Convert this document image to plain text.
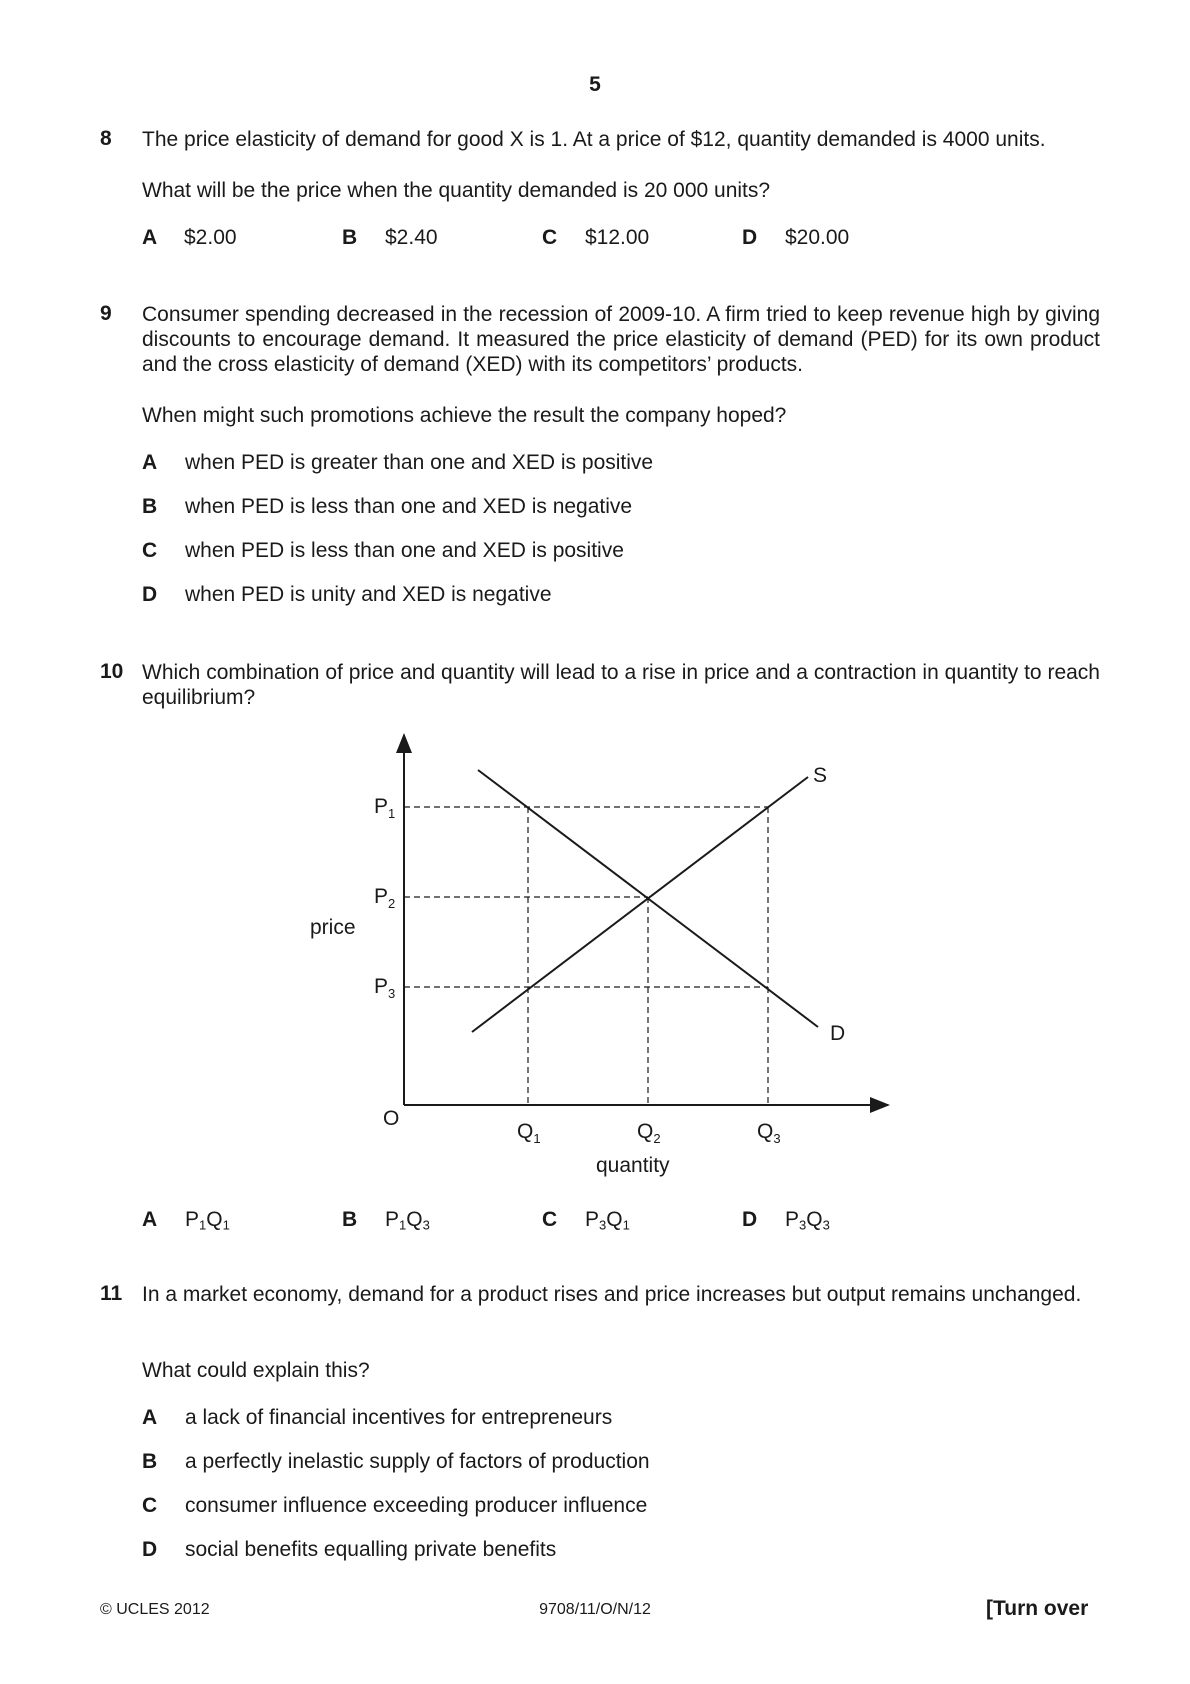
5
8 The price elasticity of demand for good X is 1. At a price of $12, quantity demanded is 4000 units.
What will be the price when the quantity demanded is 20 000 units?
A $2.00	B $2.40	C $12.00	D $20.00
9 Consumer spending decreased in the recession of 2009-10. A firm tried to keep revenue high by giving discounts to encourage demand. It measured the price elasticity of demand (PED) for its own product and the cross elasticity of demand (XED) with its competitors’ products.
When might such promotions achieve the result the company hoped?
A when PED is greater than one and XED is positive
B when PED is less than one and XED is negative
C when PED is less than one and XED is positive
D when PED is unity and XED is negative
10 Which combination of price and quantity will lead to a rise in price and a contraction in quantity to reach equilibrium?
S
D
O
price
quantity
$P_1$
$P_2$
$P_3$
$Q_1$	$Q_2$	$Q_3$
A $P_1Q_1$	B $P_1Q_3$	C $P_3Q_1$	D $P_3Q_3$
11 In a market economy, demand for a product rises and price increases but output remains unchanged.
What could explain this?
A a lack of financial incentives for entrepreneurs
B a perfectly inelastic supply of factors of production
C consumer influence exceeding producer influence
D social benefits equalling private benefits
© UCLES 2012	9708/11/O/N/12	[Turn over
